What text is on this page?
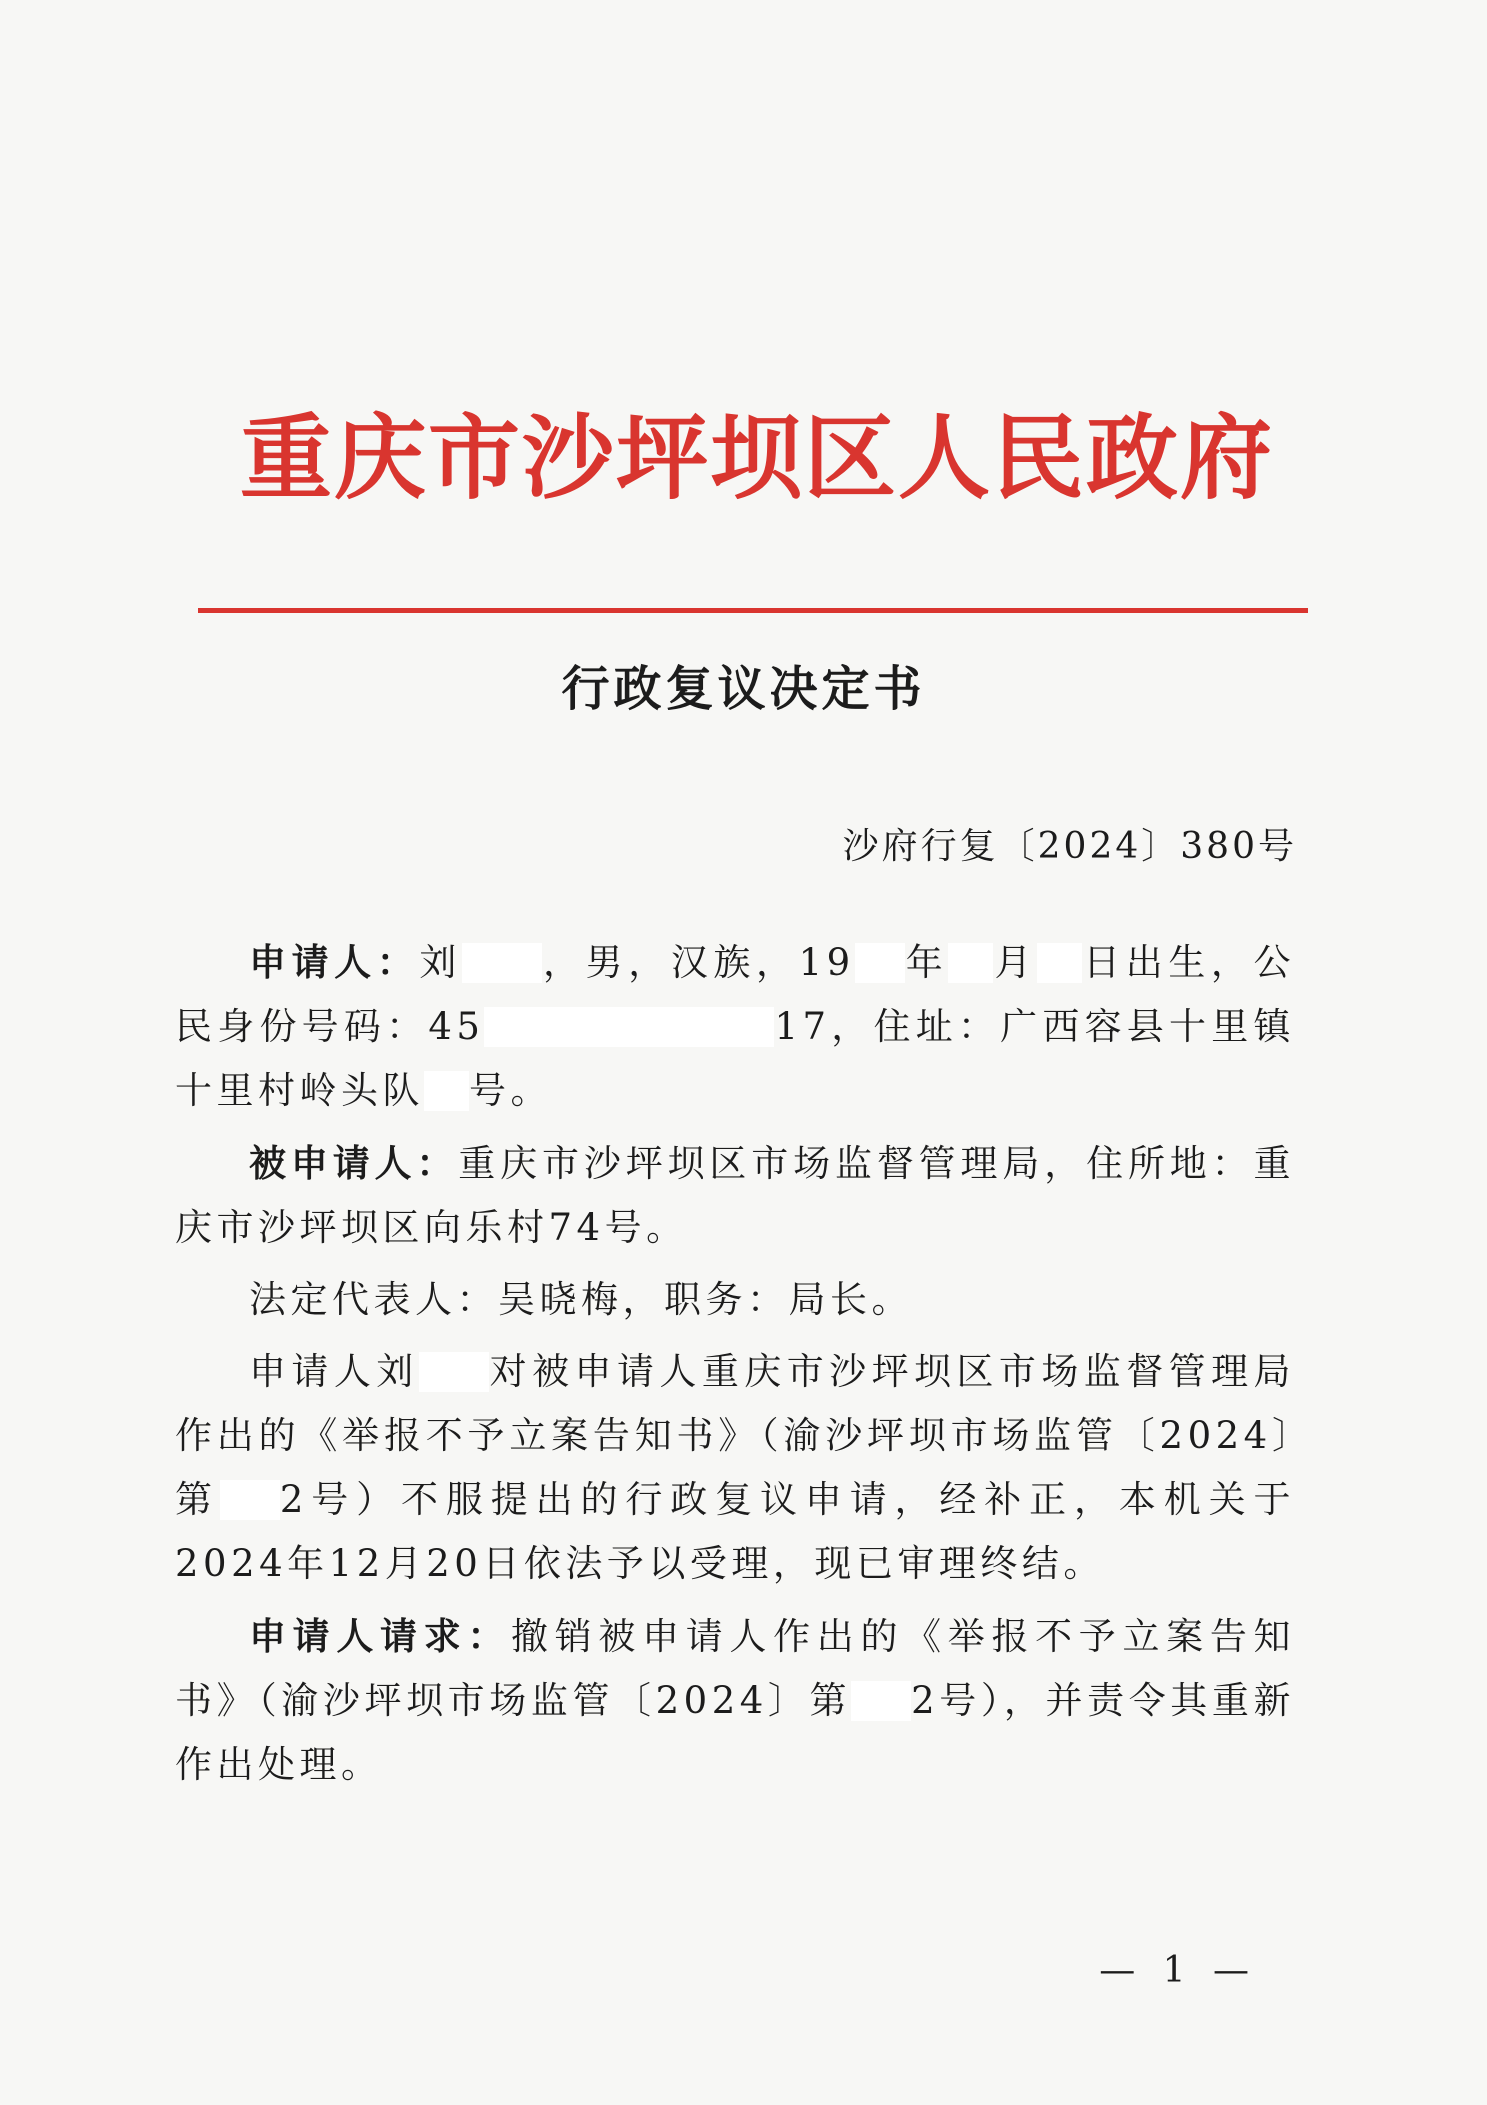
重庆市沙坪坝区人民政府
行政复议决定书
沙府行复〔2024〕380号

申请人：刘 ，男，汉族，19 年 月 日出生，公民身份号码：45	17，住址：广西容县十里镇十里村岭头队 号。

被申请人：重庆市沙坪坝区市场监督管理局，住所地：重庆市沙坪坝区向乐村74号。

法定代表人：吴晓梅，职务：局长。

申请人刘 对被申请人重庆市沙坪坝区市场监督管理局作出的《举报不予立案告知书》（渝沙坪坝市场监管〔2024〕第 2号）不服提出的行政复议申请，经补正，本机关于2024年12月20日依法予以受理，现已审理终结。

申请人请求：撤销被申请人作出的《举报不予立案告知书》（渝沙坪坝市场监管〔2024〕第 2号），并责令其重新作出处理。

— 1 —
